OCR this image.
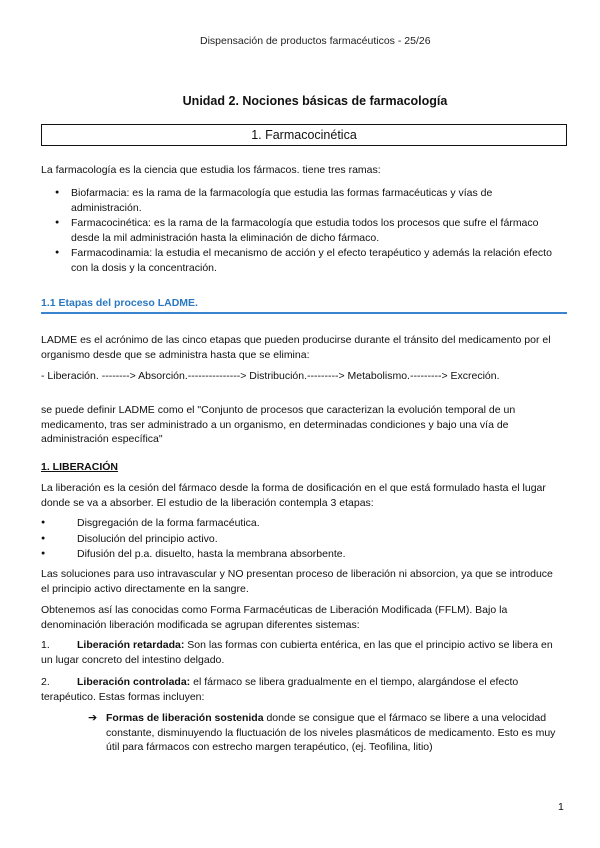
Dispensación de productos farmacéuticos - 25/26
Unidad 2. Nociones básicas de farmacología
1. Farmacocinética
La farmacología es la ciencia que estudia los fármacos. tiene tres ramas:
● Biofarmacia: es la rama de la farmacología que estudia las formas farmacéuticas y vías de administración.
● Farmacocinética: es la rama de la farmacología que estudia todos los procesos que sufre el fármaco desde la mil administración hasta la eliminación de dicho fármaco.
● Farmacodinamia: la estudia el mecanismo de acción y el efecto terapéutico y además la relación efecto con la dosis y la concentración.
1.1 Etapas del proceso LADME.
LADME es el acrónimo de las cinco etapas que pueden producirse durante el tránsito del medicamento por el organismo desde que se administra hasta que se elimina:
- Liberación. --------> Absorción.---------------> Distribución.---------> Metabolismo.---------> Excreción.
se puede definir LADME como el "Conjunto de procesos que caracterizan la evolución temporal de un medicamento, tras ser administrado a un organismo, en determinadas condiciones y bajo una vía de administración específica"
1. LIBERACIÓN
La liberación es la cesión del fármaco desde la forma de dosificación en el que está formulado hasta el lugar donde se va a absorber. El estudio de la liberación contempla 3 etapas:
● Disgregación de la forma farmacéutica.
● Disolución del principio activo.
● Difusión del p.a. disuelto, hasta la membrana absorbente.
Las soluciones para uso intravascular y NO presentan proceso de liberación ni absorcion, ya que se introduce el principio activo directamente en la sangre.
Obtenemos así las conocidas como Forma Farmacéuticas de Liberación Modificada (FFLM). Bajo la denominación liberación modificada se agrupan diferentes sistemas:
1.	Liberación retardada: Son las formas con cubierta entérica, en las que el principio activo se libera en un lugar concreto del intestino delgado.
2.	Liberación controlada: el fármaco se libera gradualmente en el tiempo, alargándose el efecto terapéutico. Estas formas incluyen:
➔ Formas de liberación sostenida donde se consigue que el fármaco se libere a una velocidad constante, disminuyendo la fluctuación de los niveles plasmáticos de medicamento. Esto es muy útil para fármacos con estrecho margen terapéutico, (ej. Teofilina, litio)
1
